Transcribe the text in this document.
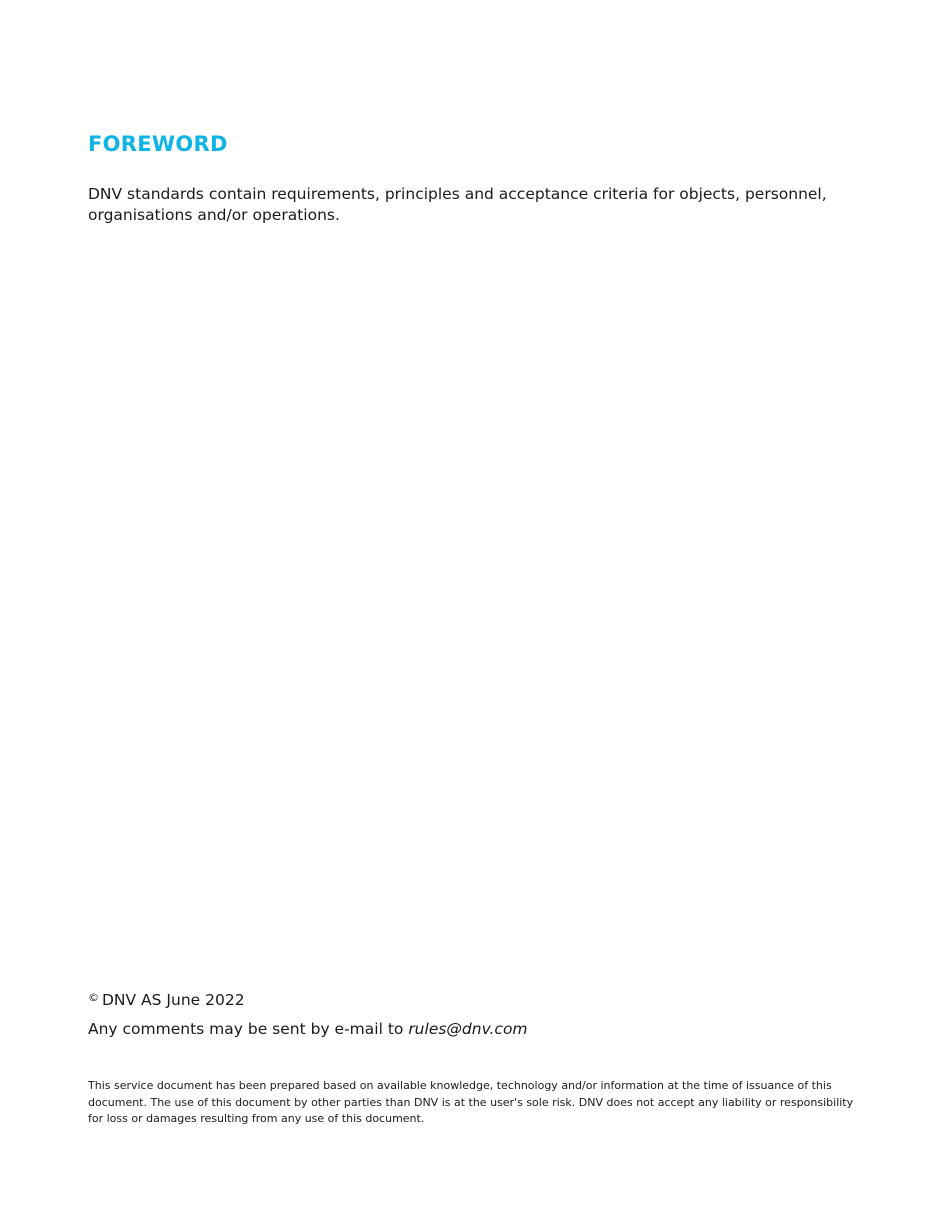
FOREWORD

DNV standards contain requirements, principles and acceptance criteria for objects, personnel, organisations and/or operations.

© DNV AS June 2022

Any comments may be sent by e-mail to rules@dnv.com

This service document has been prepared based on available knowledge, technology and/or information at the time of issuance of this document. The use of this document by other parties than DNV is at the user's sole risk. DNV does not accept any liability or responsibility for loss or damages resulting from any use of this document.
